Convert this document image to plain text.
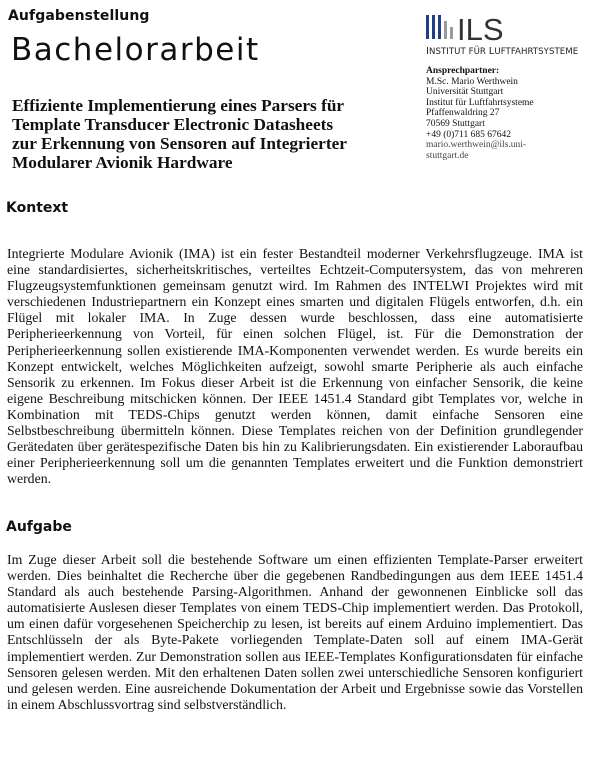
Aufgabenstellung
Bachelorarbeit
Effiziente Implementierung eines Parsers für
Template Transducer Electronic Datasheets
zur Erkennung von Sensoren auf Integrierter
Modularer Avionik Hardware
ILS
INSTITUT FÜR LUFTFAHRTSYSTEME
Ansprechpartner:
M.Sc. Mario Werthwein
Universität Stuttgart
Institut für Luftfahrtsysteme
Pfaffenwaldring 27
70569 Stuttgart
+49 (0)711 685 67642
mario.werthwein@ils.uni-
stuttgart.de
Kontext

Integrierte Modulare Avionik (IMA) ist ein fester Bestandteil moderner Verkehrsflugzeuge. IMA ist eine standardisiertes, sicherheitskritisches, verteiltes Echtzeit-Computersystem, das von mehreren Flugzeugsystemfunktionen gemeinsam genutzt wird. Im Rahmen des INTELWI Projektes wird mit verschiedenen Industriepartnern ein Konzept eines smarten und digitalen Flügels entworfen, d.h. ein Flügel mit lokaler IMA. In Zuge dessen wurde beschlossen, dass eine automatisierte Peripherieerkennung von Vorteil, für einen solchen Flügel, ist. Für die Demonstration der Peripherieerkennung sollen existierende IMA-Komponenten verwendet werden. Es wurde bereits ein Konzept entwickelt, welches Möglichkeiten aufzeigt, sowohl smarte Peripherie als auch einfache Sensorik zu erkennen. Im Fokus dieser Arbeit ist die Erkennung von einfacher Sensorik, die keine eigene Beschreibung mitschicken können. Der IEEE 1451.4 Standard gibt Templates vor, welche in Kombination mit TEDS-Chips genutzt werden können, damit einfache Sensoren eine Selbstbeschreibung übermitteln können. Diese Templates reichen von der Definition grundlegender Gerätedaten über gerätespezifische Daten bis hin zu Kalibrierungsdaten. Ein existierender Laboraufbau einer Peripherieerkennung soll um die genannten Templates erweitert und die Funktion demonstriert werden.

Aufgabe

Im Zuge dieser Arbeit soll die bestehende Software um einen effizienten Template-Parser erweitert werden. Dies beinhaltet die Recherche über die gegebenen Randbedingungen aus dem IEEE 1451.4 Standard als auch bestehende Parsing-Algorithmen. Anhand der gewonnenen Einblicke soll das automatisierte Auslesen dieser Templates von einem TEDS-Chip implementiert werden. Das Protokoll, um einen dafür vorgesehenen Speicherchip zu lesen, ist bereits auf einem Arduino implementiert. Das Entschlüsseln der als Byte-Pakete vorliegenden Template-Daten soll auf einem IMA-Gerät implementiert werden. Zur Demonstration sollen aus IEEE-Templates Konfigurationsdaten für einfache Sensoren gelesen werden. Mit den erhaltenen Daten sollen zwei unterschiedliche Sensoren konfiguriert und gelesen werden. Eine ausreichende Dokumentation der Arbeit und Ergebnisse sowie das Vorstellen in einem Abschlussvortrag sind selbstverständlich.
